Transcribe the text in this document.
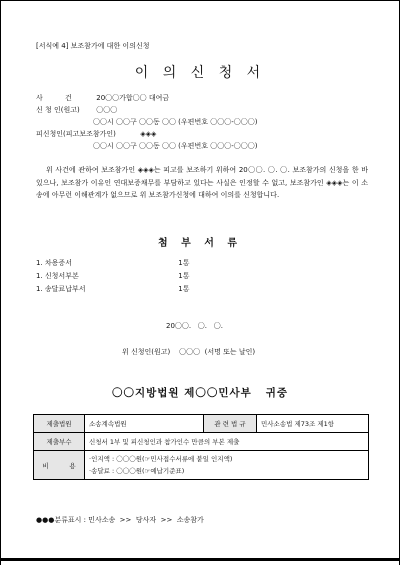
[서식예 4] 보조참가에 대한 이의신청
이 의 신 청 서
사          건	20〇〇가합〇〇 대여금
신 청 인(원고) 〇〇〇
〇〇시 〇〇구 〇〇동 〇〇 (우편번호 〇〇〇-〇〇〇)
피신청인(피고보조참가인)	◈◈◈
〇〇시 〇〇구 〇〇동 〇〇 (우편번호 〇〇〇-〇〇〇)
위 사건에 관하여 보조참가인 ◈◈◈는 피고를 보조하기 위하여 20〇〇. 〇. 〇. 보조참가의 신청을 한 바 있으나, 보조참가 이유인 연대보증채무를 부담하고 있다는 사실은 인정할 수 없고, 보조참가인 ◈◈◈는 이 소송에 아무런 이해관계가 없으므로 위 보조참가신청에 대하여 이의를 신청합니다.
첨 부 서 류
1. 차용증서	1통
1. 신청서부본	1통
1. 송달료납부서	1통
20〇〇.   〇.   〇.
위 신청인(원고)    〇〇〇  (서명 또는 날인)
〇〇지방법원 제〇〇민사부   귀중
제출법원	소송계속법원	관 련 법 규	민사소송법 제73조 제1항
제출부수	신청서 1부 및 피신청인과 참가인수 만큼의 부본 제출		
비          용	·인지액 : 〇〇〇원(☞민사접수서류에 붙일 인지액)
·송달료 : 〇〇〇원(☞예납기준표)		
●●●분류표시 : 민사소송  >>  당사자  >>  소송참가
